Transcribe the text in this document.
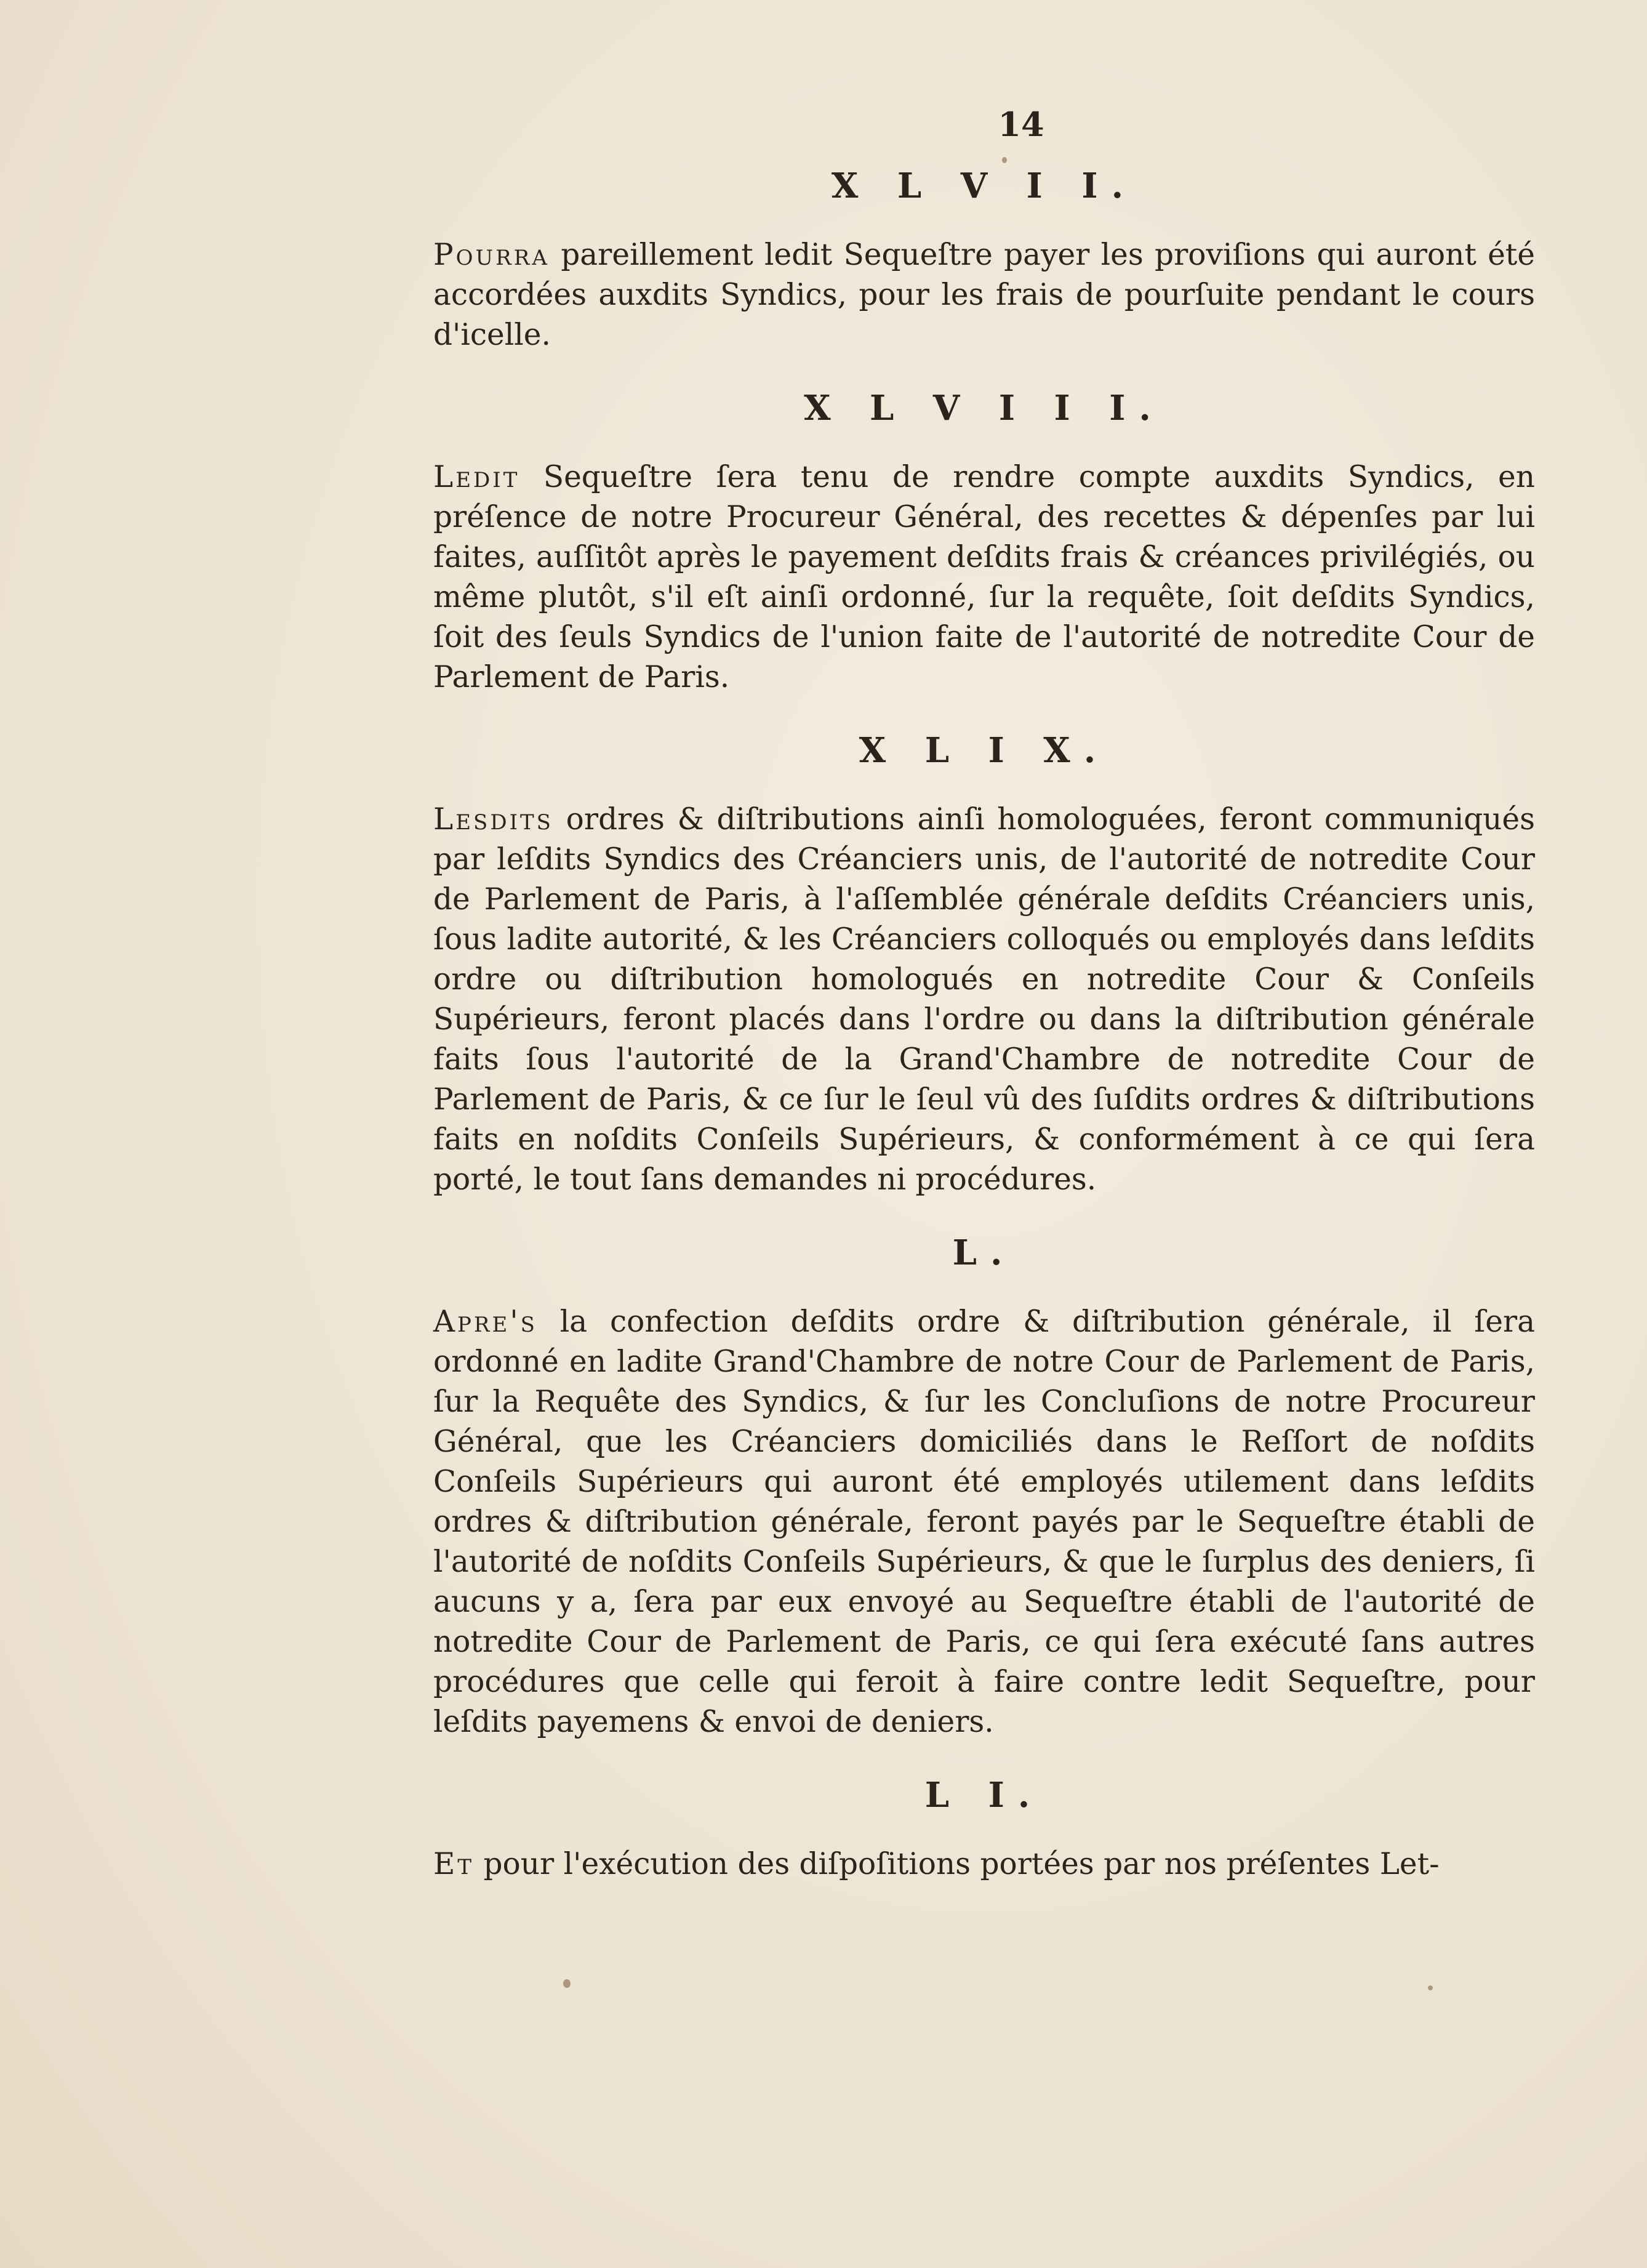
14
X L V I I.

Pourra pareillement ledit Sequeſtre payer les proviſions qui auront été accordées auxdits Syndics, pour les frais de pourſuite pendant le cours d'icelle.

X L V I I I.

Ledit Sequeſtre ſera tenu de rendre compte auxdits Syndics, en préſence de notre Procureur Général, des recettes & dépenſes par lui faites, auſſitôt après le payement deſdits frais & créances privilégiés, ou même plutôt, s'il eſt ainſi ordonné, ſur la requête, ſoit deſdits Syndics, ſoit des ſeuls Syndics de l'union faite de l'autorité de notredite Cour de Parlement de Paris.

X L I X.

Lesdits ordres & diſtributions ainſi homologuées, feront communiqués par leſdits Syndics des Créanciers unis, de l'autorité de notredite Cour de Parlement de Paris, à l'aſſemblée générale deſdits Créanciers unis, ſous ladite autorité, & les Créanciers colloqués ou employés dans leſdits ordre ou diſtribution homologués en notredite Cour & Conſeils Supérieurs, feront placés dans l'ordre ou dans la diſtribution générale faits ſous l'autorité de la Grand'Chambre de notredite Cour de Parlement de Paris, & ce ſur le ſeul vû des ſuſdits ordres & diſtributions faits en noſdits Conſeils Supérieurs, & conformément à ce qui ſera porté, le tout ſans demandes ni procédures.

L.

Apre's la confection deſdits ordre & diſtribution générale, il ſera ordonné en ladite Grand'Chambre de notre Cour de Parlement de Paris, ſur la Requête des Syndics, & ſur les Concluſions de notre Procureur Général, que les Créanciers domiciliés dans le Reſſort de noſdits Conſeils Supérieurs qui auront été employés utilement dans leſdits ordres & diſtribution générale, feront payés par le Sequeſtre établi de l'autorité de noſdits Conſeils Supérieurs, & que le ſurplus des deniers, ſi aucuns y a, ſera par eux envoyé au Sequeſtre établi de l'autorité de notredite Cour de Parlement de Paris, ce qui ſera exécuté ſans autres procédures que celle qui feroit à faire contre ledit Sequeſtre, pour leſdits payemens & envoi de deniers.

L I.

Et pour l'exécution des diſpoſitions portées par nos préſentes Let-
